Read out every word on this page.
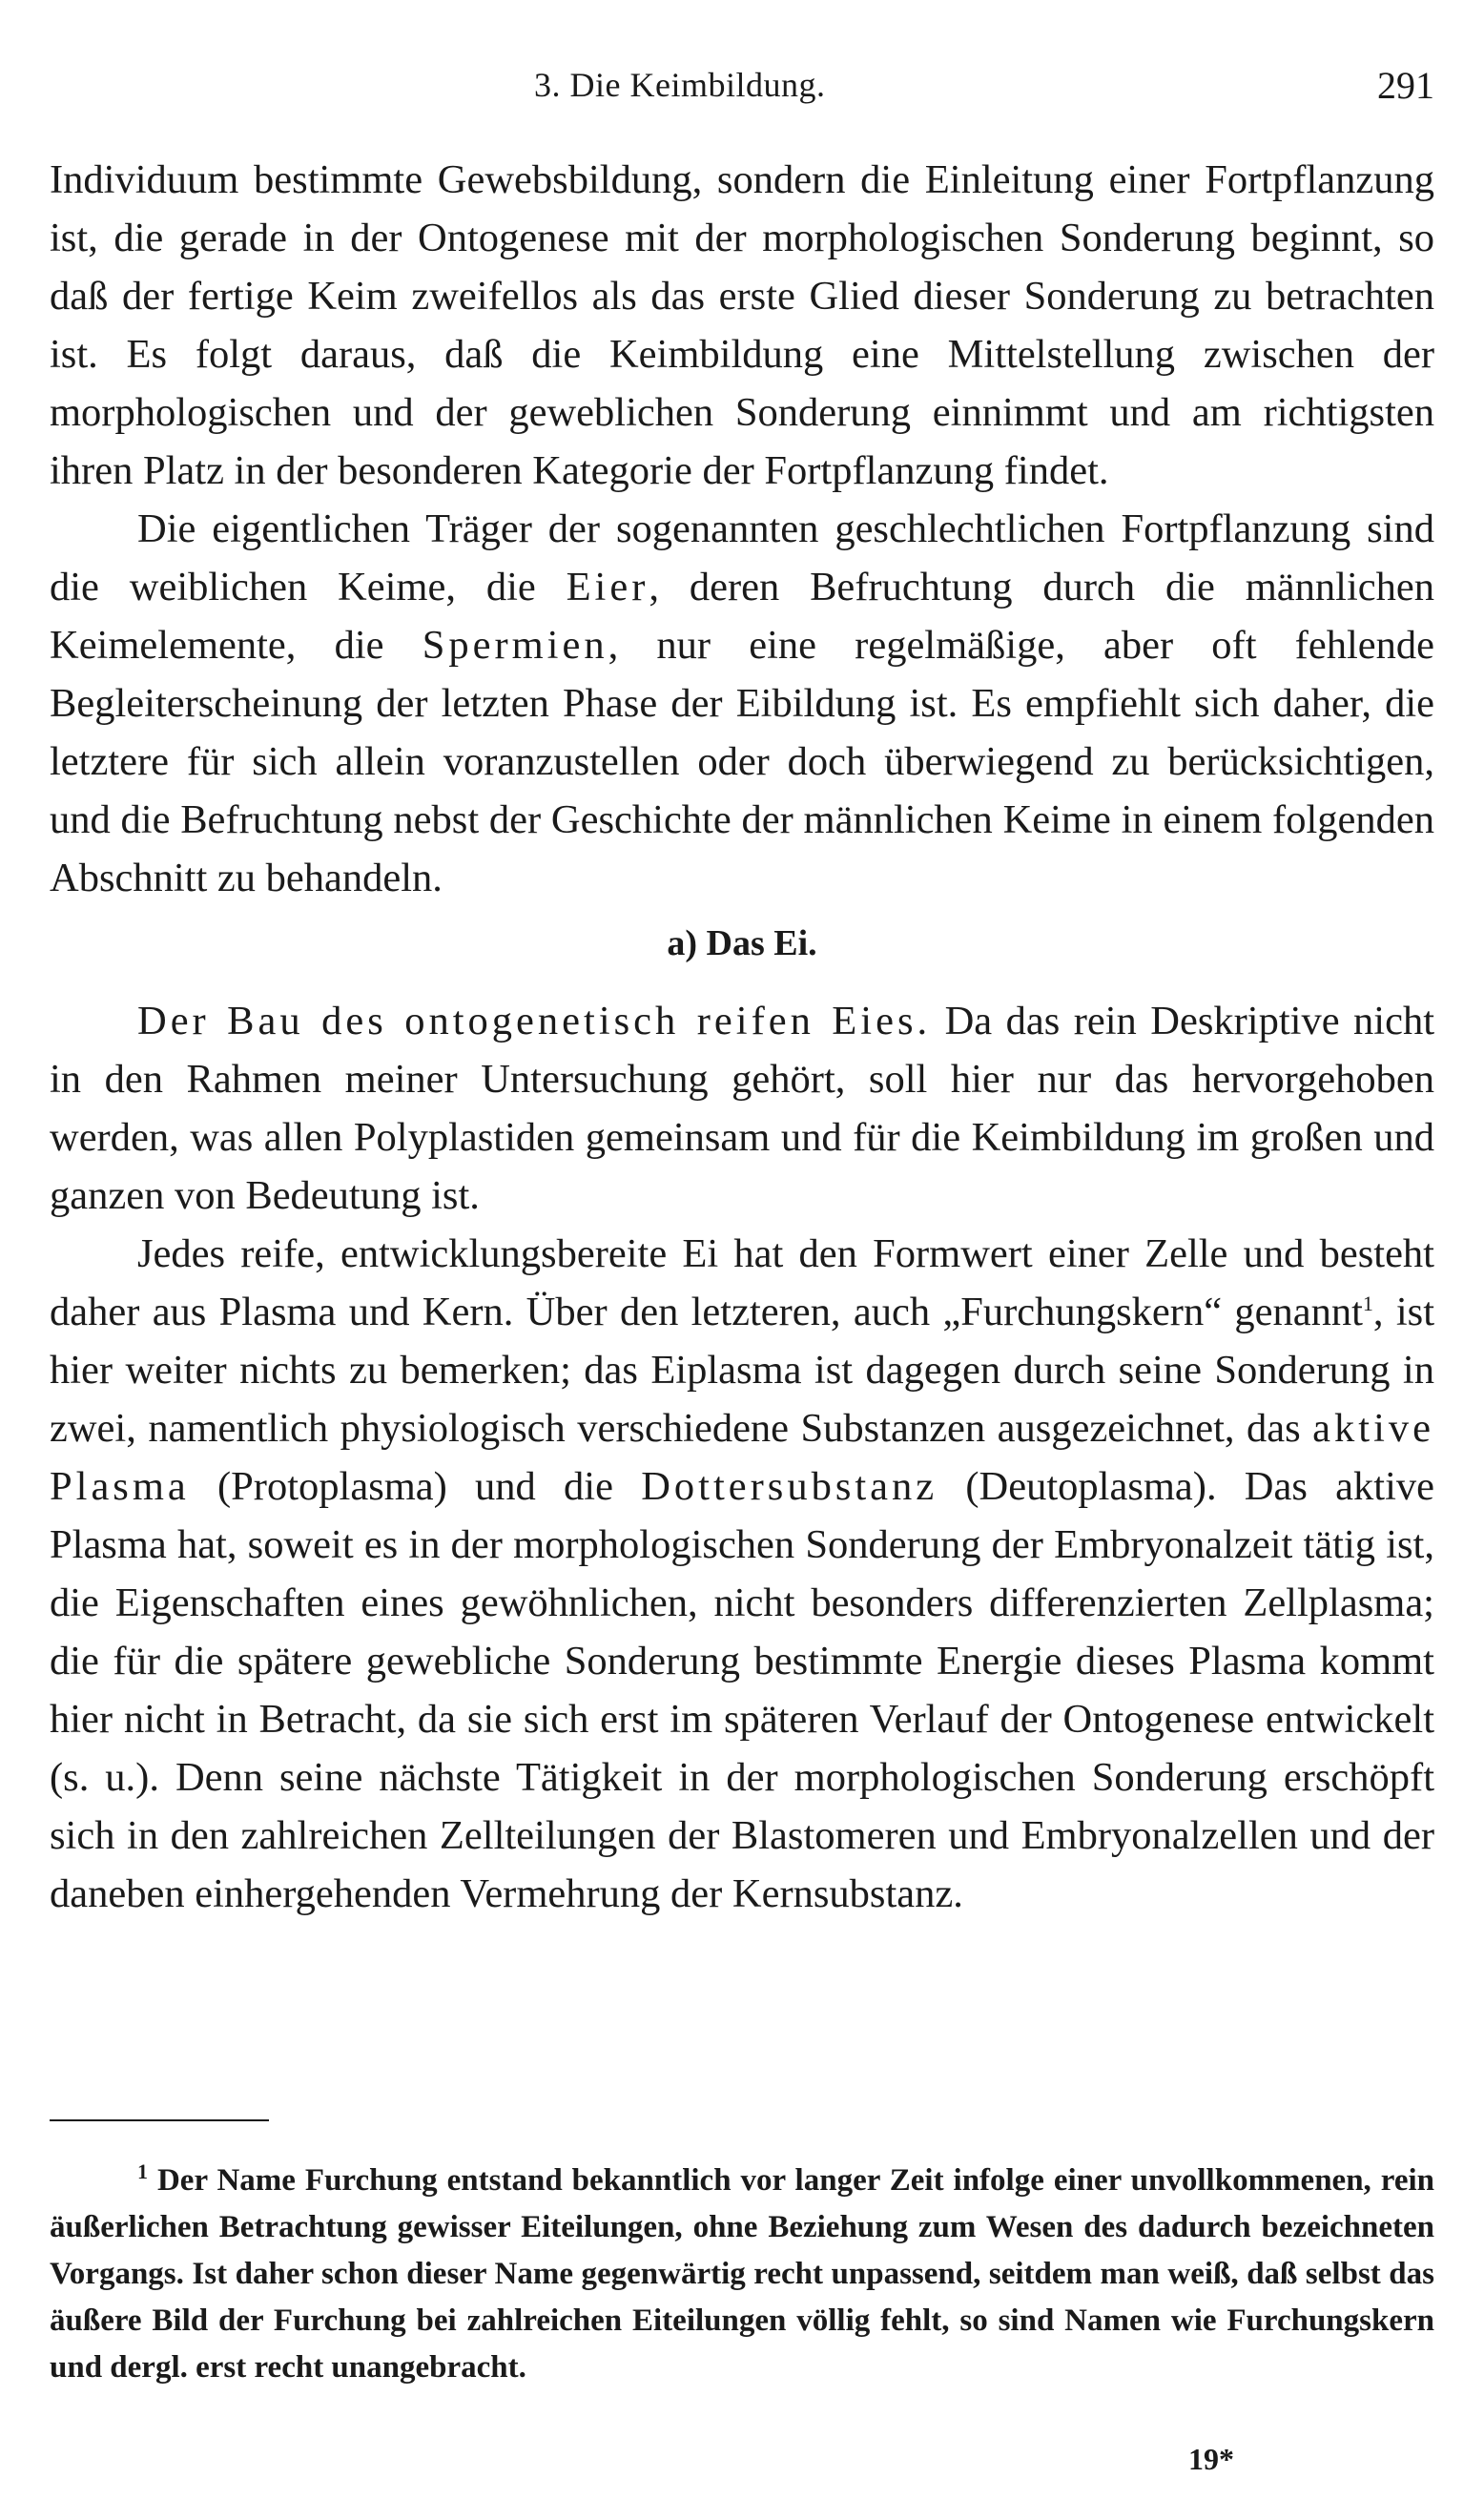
3. Die Keimbildung.	291

Individuum bestimmte Gewebsbildung, sondern die Einleitung einer Fortpflanzung ist, die gerade in der Ontogenese mit der morphologischen Sonderung beginnt, so daß der fertige Keim zweifellos als das erste Glied dieser Sonderung zu betrachten ist. Es folgt daraus, daß die Keimbildung eine Mittelstellung zwischen der morphologischen und der geweblichen Sonderung einnimmt und am richtigsten ihren Platz in der besonderen Kategorie der Fortpflanzung findet.

Die eigentlichen Träger der sogenannten geschlechtlichen Fortpflanzung sind die weiblichen Keime, die Eier, deren Befruchtung durch die männlichen Keimelemente, die Spermien, nur eine regelmäßige, aber oft fehlende Begleiterscheinung der letzten Phase der Eibildung ist. Es empfiehlt sich daher, die letztere für sich allein voranzustellen oder doch überwiegend zu berücksichtigen, und die Befruchtung nebst der Geschichte der männlichen Keime in einem folgenden Abschnitt zu behandeln.

a) Das Ei.

Der Bau des ontogenetisch reifen Eies. Da das rein Deskriptive nicht in den Rahmen meiner Untersuchung gehört, soll hier nur das hervorgehoben werden, was allen Polyplastiden gemeinsam und für die Keimbildung im großen und ganzen von Bedeutung ist.

Jedes reife, entwicklungsbereite Ei hat den Formwert einer Zelle und besteht daher aus Plasma und Kern. Über den letzteren, auch „Furchungskern“ genannt$^1$, ist hier weiter nichts zu bemerken; das Eiplasma ist dagegen durch seine Sonderung in zwei, namentlich physiologisch verschiedene Substanzen ausgezeichnet, das aktive Plasma (Protoplasma) und die Dottersubstanz (Deutoplasma). Das aktive Plasma hat, soweit es in der morphologischen Sonderung der Embryonalzeit tätig ist, die Eigenschaften eines gewöhnlichen, nicht besonders differenzierten Zellplasma; die für die spätere gewebliche Sonderung bestimmte Energie dieses Plasma kommt hier nicht in Betracht, da sie sich erst im späteren Verlauf der Ontogenese entwickelt (s. u.). Denn seine nächste Tätigkeit in der morphologischen Sonderung erschöpft sich in den zahlreichen Zellteilungen der Blastomeren und Embryonalzellen und der daneben einhergehenden Vermehrung der Kernsubstanz.

$^1$ Der Name Furchung entstand bekanntlich vor langer Zeit infolge einer unvollkommenen, rein äußerlichen Betrachtung gewisser Eiteilungen, ohne Beziehung zum Wesen des dadurch bezeichneten Vorgangs. Ist daher schon dieser Name gegenwärtig recht unpassend, seitdem man weiß, daß selbst das äußere Bild der Furchung bei zahlreichen Eiteilungen völlig fehlt, so sind Namen wie Furchungskern und dergl. erst recht unangebracht.

19*
